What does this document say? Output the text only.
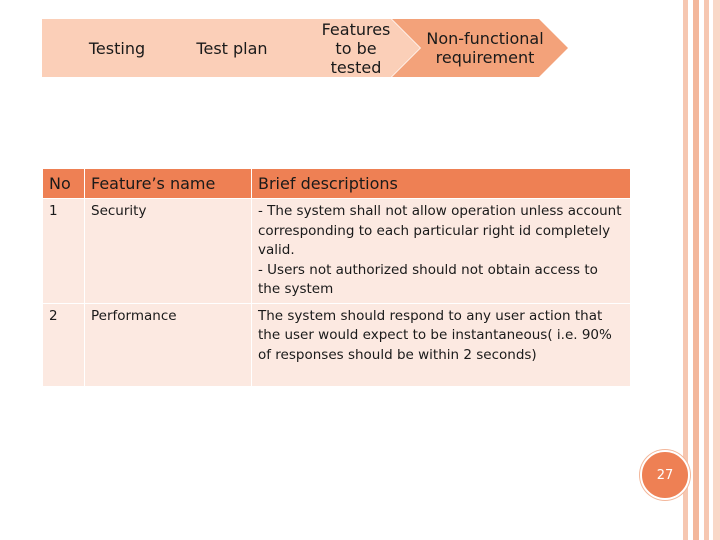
Testing	Test plan
Features to be tested
Non-functional requirement
No	Feature’s name	Brief descriptions
1	Security	- The system shall not allow operation unless account corresponding to each particular right id completely valid.
- Users not authorized should not obtain access to the system
2	Performance	The system should respond to any user action that the user would expect to be instantaneous( i.e. 90% of responses should be within 2 seconds)
27
